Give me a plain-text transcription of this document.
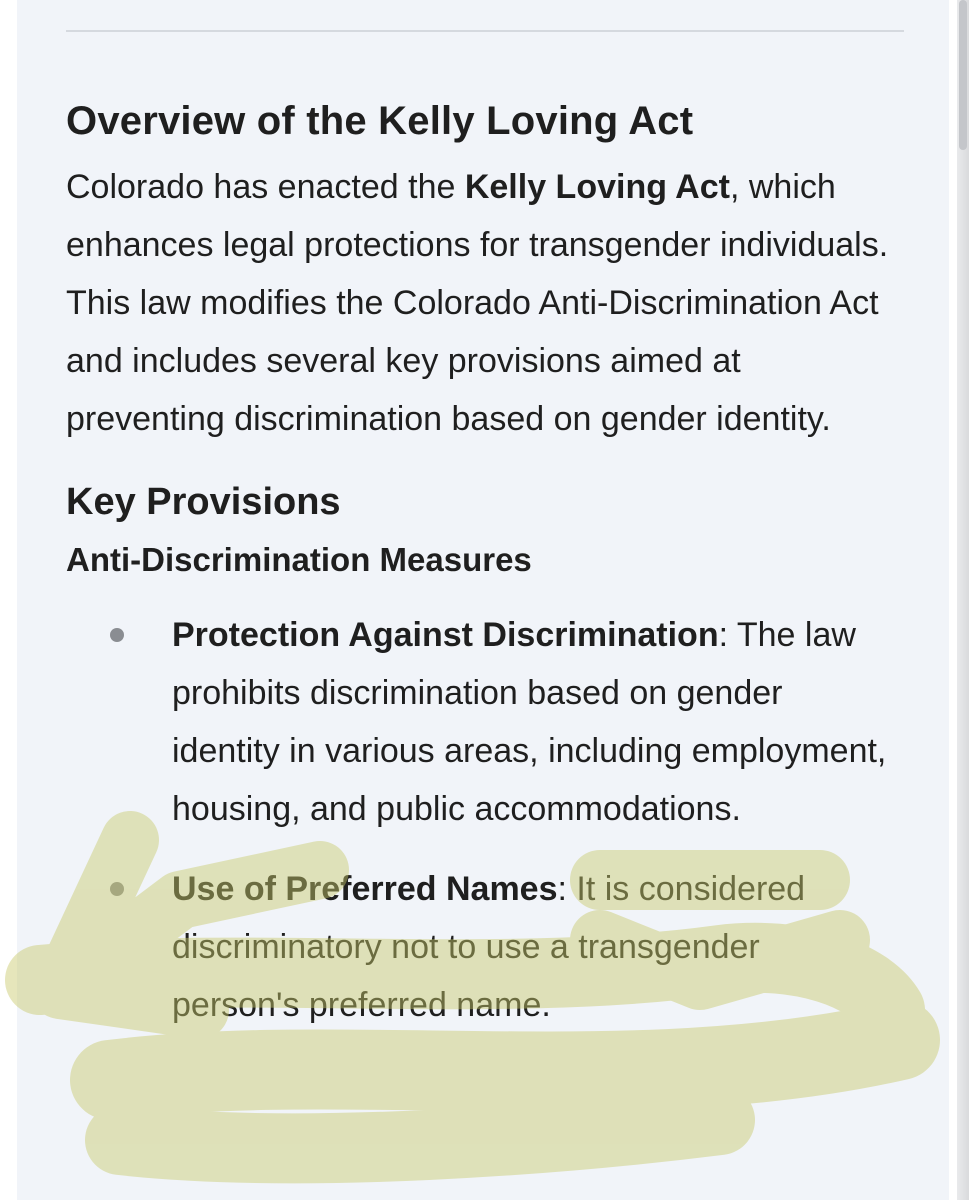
Overview of the Kelly Loving Act

Colorado has enacted the Kelly Loving Act, which enhances legal protections for transgender individuals. This law modifies the Colorado Anti-Discrimination Act and includes several key provisions aimed at preventing discrimination based on gender identity.

Key Provisions
Anti-Discrimination Measures
Protection Against Discrimination: The law prohibits discrimination based on gender identity in various areas, including employment, housing, and public accommodations.
Use of Preferred Names: It is considered discriminatory not to use a transgender person's preferred name.
